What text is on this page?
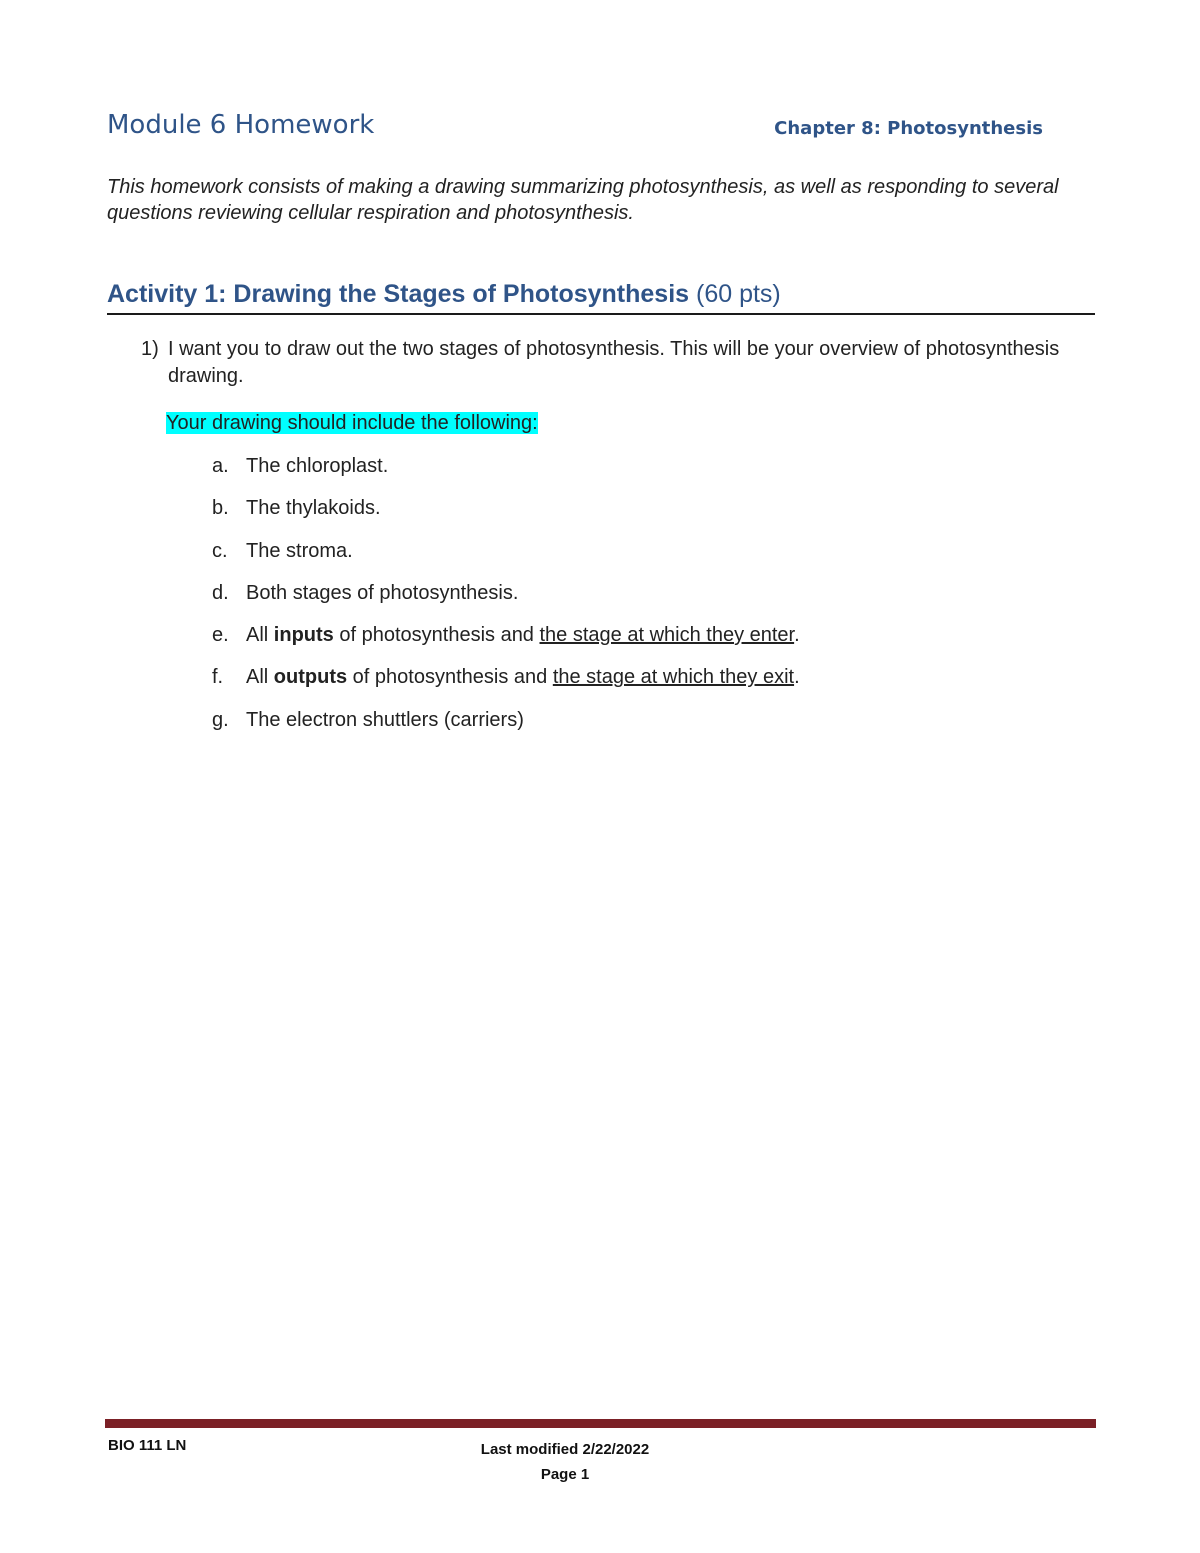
Module 6 Homework	Chapter 8: Photosynthesis
This homework consists of making a drawing summarizing photosynthesis, as well as responding to several questions reviewing cellular respiration and photosynthesis.
Activity 1: Drawing the Stages of Photosynthesis (60 pts)
1) I want you to draw out the two stages of photosynthesis. This will be your overview of photosynthesis drawing.
Your drawing should include the following:
a. The chloroplast.
b. The thylakoids.
c. The stroma.
d. Both stages of photosynthesis.
e. All inputs of photosynthesis and the stage at which they enter.
f. All outputs of photosynthesis and the stage at which they exit.
g. The electron shuttlers (carriers)
BIO 111 LN	Last modified 2/22/2022
Page 1
